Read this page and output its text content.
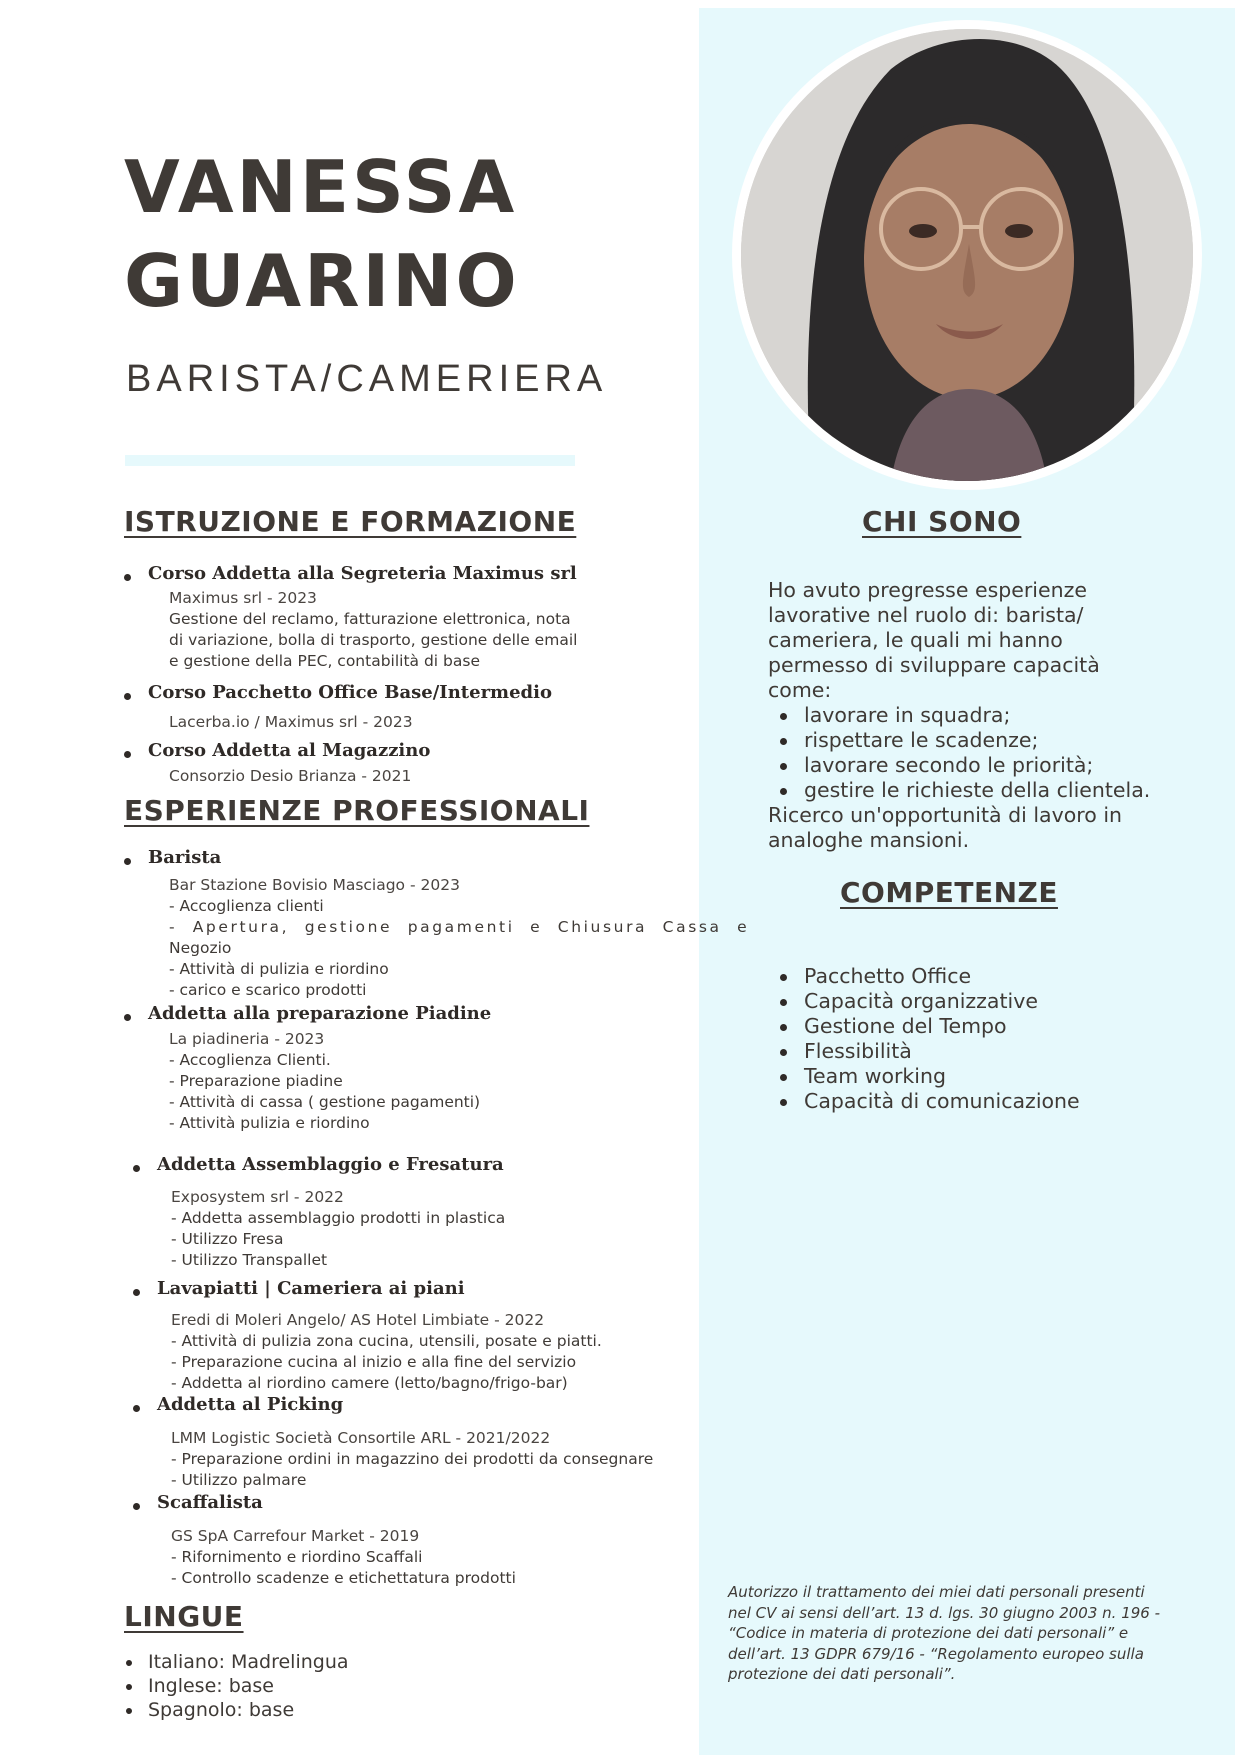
VANESSA
GUARINO
BARISTA/CAMERIERA
ISTRUZIONE E FORMAZIONE
Corso Addetta alla Segreteria Maximus srl
Maximus srl - 2023
Gestione del reclamo, fatturazione elettronica, nota
di variazione, bolla di trasporto, gestione delle email
e gestione della PEC, contabilità di base
Corso Pacchetto Office Base/Intermedio
Lacerba.io / Maximus srl - 2023
Corso Addetta al Magazzino
Consorzio Desio Brianza - 2021
ESPERIENZE PROFESSIONALI
Barista
Bar Stazione Bovisio Masciago - 2023
- Accoglienza clienti
- Apertura, gestione pagamenti e Chiusura Cassa e
Negozio
- Attività di pulizia e riordino
- carico e scarico prodotti
Addetta alla preparazione Piadine
La piadineria - 2023
- Accoglienza Clienti.
- Preparazione piadine
- Attività di cassa ( gestione pagamenti)
- Attività pulizia e riordino
Addetta Assemblaggio e Fresatura
Exposystem srl - 2022
- Addetta assemblaggio prodotti in plastica
- Utilizzo Fresa
- Utilizzo Transpallet
Lavapiatti | Cameriera ai piani
Eredi di Moleri Angelo/ AS Hotel Limbiate - 2022
- Attività di pulizia zona cucina, utensili, posate e piatti.
- Preparazione cucina al inizio e alla fine del servizio
- Addetta al riordino camere (letto/bagno/frigo-bar)
Addetta al Picking
LMM Logistic Società Consortile ARL - 2021/2022
- Preparazione ordini in magazzino dei prodotti da consegnare
- Utilizzo palmare
Scaffalista
GS SpA Carrefour Market - 2019
- Rifornimento e riordino Scaffali
- Controllo scadenze e etichettatura prodotti
LINGUE
Italiano: Madrelingua
Inglese: base
Spagnolo: base
CHI SONO
Ho avuto pregresse esperienze
lavorative nel ruolo di: barista/
cameriera, le quali mi hanno
permesso di sviluppare capacità
come:
lavorare in squadra;
rispettare le scadenze;
lavorare secondo le priorità;
gestire le richieste della clientela.
Ricerco un'opportunità di lavoro in
analoghe mansioni.
COMPETENZE
Pacchetto Office
Capacità organizzative
Gestione del Tempo
Flessibilità
Team working
Capacità di comunicazione
Autorizzo il trattamento dei miei dati personali presenti
nel CV ai sensi dell’art. 13 d. lgs. 30 giugno 2003 n. 196 -
“Codice in materia di protezione dei dati personali” e
dell’art. 13 GDPR 679/16 - “Regolamento europeo sulla
protezione dei dati personali”.
